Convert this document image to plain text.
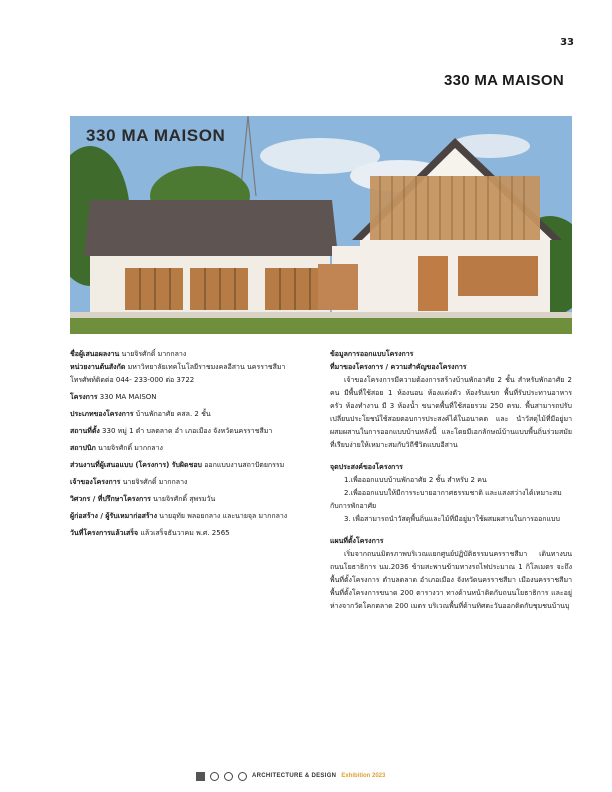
33
330 MA MAISON
330 MA MAISON

ชื่อผู้เสนอผลงาน นายจิรศักดิ์ มากกลาง

หน่วยงานต้นสังกัด มหาวิทยาลัยเทคโนโลยีราชมงคลอีสาน นครราชสีมา

โทรศัพท์ติดต่อ 044- 233-000 ต่อ 3722

โครงการ 330 MA MAISON

ประเภทของโครงการ บ้านพักอาศัย คสล. 2 ชั้น

สถานที่ตั้ง 330 หมู่ 1 ตำ บลตลาด อำ เภอเมือง จังหวัดนครราชสีมา

สถาปนิก นายจิรศักดิ์ มากกลาง

ส่วนงานที่ผู้เสนอแบบ (โครงการ) รับผิดชอบ ออกแบบงานสถาปัตยกรรม

เจ้าของโครงการ นายจิรศักดิ์ มากกลาง

วิศวกร / ที่ปรึกษาโครงการ นายจิรศักดิ์ สุพรมวัน

ผู้ก่อสร้าง / ผู้รับเหมาก่อสร้าง นายอุทัย พลอยกลาง และนายจุล มากกลาง

วันที่โครงการแล้วเสร็จ แล้วเสร็จธันวาคม พ.ศ. 2565

ข้อมูลการออกแบบโครงการ

ที่มาของโครงการ / ความสำคัญของโครงการ

เจ้าของโครงการมีความต้องการสร้างบ้านพักอาศัย 2 ชั้น สำหรับพักอาศัย 2 คน มีพื้นที่ใช้สอย 1 ห้องนอน ห้องแต่งตัว ห้องรับแขก พื้นที่รับประทานอาหาร ครัว ห้องทำงาน มี 3 ห้องน้ำ ขนาดพื้นที่ใช้สอยรวม 250 ตรม. พื้นสามารถปรับเปลี่ยนประโยชน์ใช้สอยตอบการประสงค์ได้ในอนาคต และ นำวัสดุไม้ที่มีอยู่มาผสมผสานในการออกแบบบ้านหลังนี้ และโดยมีเอกลักษณ์บ้านแบบพื้นถิ่นร่วมสมัยที่เรียบง่ายให้เหมาะสมกับวิถีชีวิตแบบอีสาน

จุดประสงค์ของโครงการ

1.เพื่อออกแบบบ้านพักอาศัย 2 ชั้น สำหรับ 2 คน

2.เพื่อออกแบบให้มีการระบายอากาศธรรมชาติ และแสงสว่างได้เหมาะสม
กับการพักอาศัย

3. เพื่อสามารถนำวัสดุพื้นถิ่นและไม้ที่มีอยู่มาใช้ผสมผสานในการออกแบบ

แผนที่ตั้งโครงการ

เริ่มจากถนนมิตรภาพบริเวณแยกศูนย์ปฏิบัติธรรมนครราชสีมา เดินทางบนถนนโยธาธิการ นม.2036 ข้ามสะพานข้ามทางรถไฟประมาณ 1 กิโลเมตร จะถึงพื้นที่ตั้งโครงการ ตำบลตลาด อำเภอเมือง จังหวัดนครราชสีมา เมืองนครราชสีมา พื้นที่ตั้งโครงการขนาด 200 ตารางวา ทางด้านหน้าติดกับถนนโยธาธิการ และอยู่ห่างจากวัดโคกตลาด 200 เมตร บริเวณพื้นที่ด้านทิศตะวันออกติดกับชุมชนบ้านบุ

ARCHITECTURE & DESIGN Exhibition 2023
